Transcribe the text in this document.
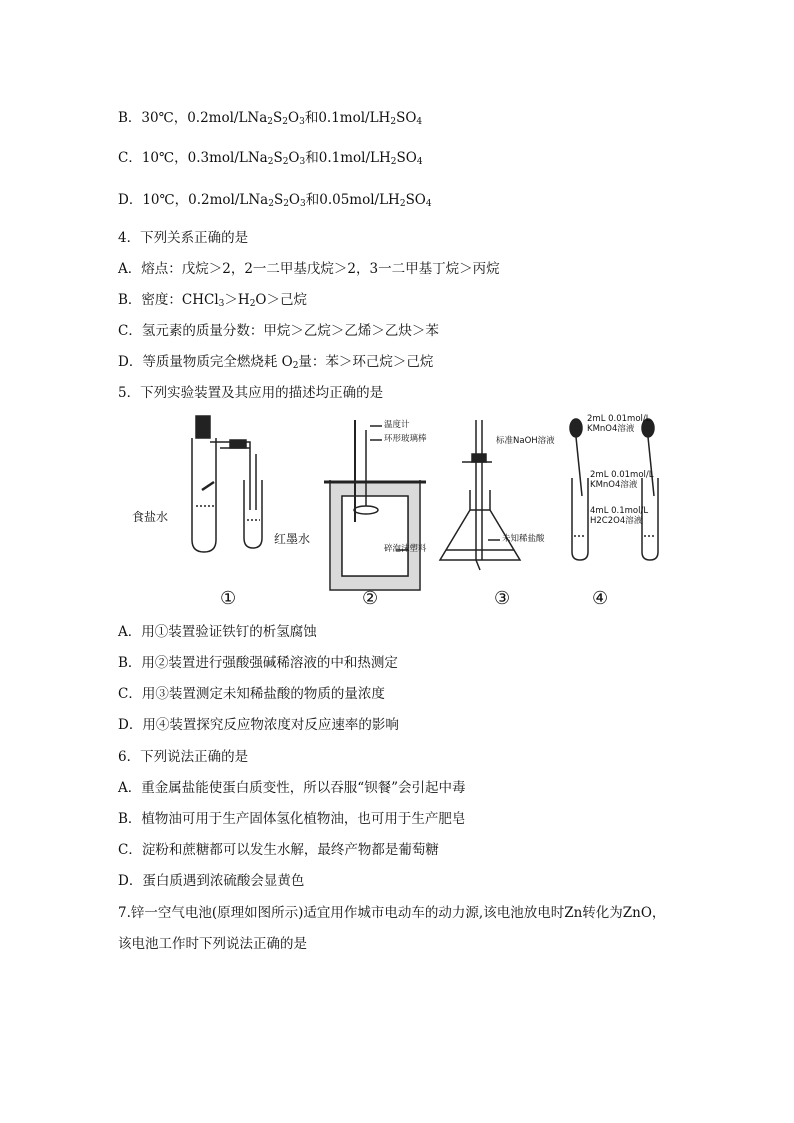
B．30℃，$0.2mol/LNa_2S_2O_3$和$0.1mol/LH_2SO_4$
C．10℃，$0.3mol/LNa_2S_2O_3$和$0.1mol/LH_2SO_4$
D．10℃，$0.2mol/LNa_2S_2O_3$和$0.05mol/LH_2SO_4$
4．下列关系正确的是
A．熔点：戊烷＞2，2一二甲基戊烷＞2，3一二甲基丁烷＞丙烷
B．密度：$CHCl_3>H_2O>$己烷
C．氢元素的质量分数：甲烷＞乙烷＞乙烯＞乙炔＞苯
D．等质量物质完全燃烧耗 $O_2$量：苯＞环己烷＞己烷
5．下列实验装置及其应用的描述均正确的是
食盐水
红墨水
温度计
环形玻璃棒
碎泡沫塑料
标准NaOH溶液
未知稀盐酸
2mL 0.01mol/L
KMnO4溶液
2mL 0.01mol/L
KMnO4溶液
4mL 0.1mol/L
H2C2O4溶液
①	②	③	④
A．用①装置验证铁钉的析氢腐蚀
B．用②装置进行强酸强碱稀溶液的中和热测定
C．用③装置测定未知稀盐酸的物质的量浓度
D．用④装置探究反应物浓度对反应速率的影响
6．下列说法正确的是
A．重金属盐能使蛋白质变性，所以吞服“钡餐”会引起中毒
B．植物油可用于生产固体氢化植物油，也可用于生产肥皂
C．淀粉和蔗糖都可以发生水解，最终产物都是葡萄糖
D．蛋白质遇到浓硫酸会显黄色
7.锌一空气电池(原理如图所示)适宜用作城市电动车的动力源,该电池放电时Zn转化为ZnO，
该电池工作时下列说法正确的是
